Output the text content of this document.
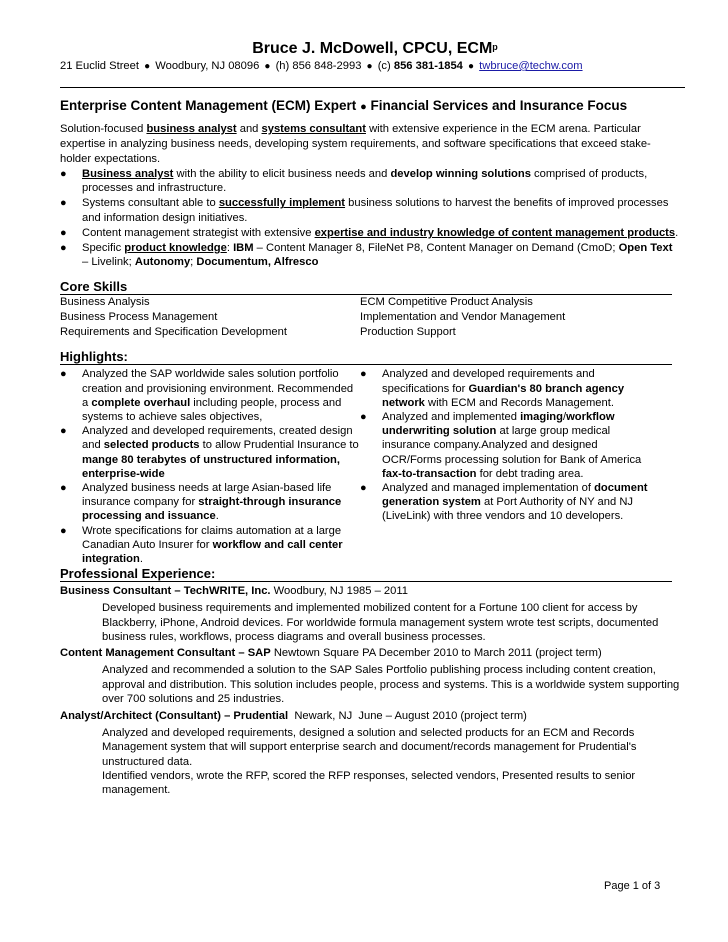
Bruce J. McDowell, CPCU, ECM$^p$
21 Euclid Street ● Woodbury, NJ 08096 ● (h) 856 848-2993 ● (c) 856 381-1854 ● twbruce@techw.com
Enterprise Content Management (ECM) Expert ● Financial Services and Insurance Focus
Solution-focused business analyst and systems consultant with extensive experience in the ECM arena. Particular expertise in analyzing business needs, developing system requirements, and software specifications that exceed stake-holder expectations.
● Business analyst with the ability to elicit business needs and develop winning solutions comprised of products, processes and infrastructure.
● Systems consultant able to successfully implement business solutions to harvest the benefits of improved processes and information design initiatives.
● Content management strategist with extensive expertise and industry knowledge of content management products.
● Specific product knowledge: IBM – Content Manager 8, FileNet P8, Content Manager on Demand (CmoD; Open Text – Livelink; Autonomy; Documentum, Alfresco
Core Skills
Business Analysis	ECM Competitive Product Analysis
Business Process Management	Implementation and Vendor Management
Requirements and Specification Development	Production Support
Highlights:
● Analyzed the SAP worldwide sales solution portfolio creation and provisioning environment. Recommended a complete overhaul including people, process and systems to achieve sales objectives,
● Analyzed and developed requirements, created design and selected products to allow Prudential Insurance to mange 80 terabytes of unstructured information, enterprise-wide
● Analyzed business needs at large Asian-based life insurance company for straight-through insurance processing and issuance.
● Wrote specifications for claims automation at a large Canadian Auto Insurer for workflow and call center integration.
● Analyzed and developed requirements and specifications for Guardian's 80 branch agency network with ECM and Records Management.
● Analyzed and implemented imaging/workflow underwriting solution at large group medical insurance company.Analyzed and designed OCR/Forms processing solution for Bank of America fax-to-transaction for debt trading area.
● Analyzed and managed implementation of document generation system at Port Authority of NY and NJ (LiveLink) with three vendors and 10 developers.
Professional Experience:
Business Consultant – TechWRITE, Inc. Woodbury, NJ 1985 – 2011
Developed business requirements and implemented mobilized content for a Fortune 100 client for access by Blackberry, iPhone, Android devices. For worldwide formula management system wrote test scripts, documented business rules, workflows, process diagrams and overall business processes.
Content Management Consultant – SAP Newtown Square PA December 2010 to March 2011 (project term)
Analyzed and recommended a solution to the SAP Sales Portfolio publishing process including content creation, approval and distribution. This solution includes people, process and systems. This is a worldwide system supporting over 700 solutions and 25 industries.
Analyst/Architect (Consultant) – Prudential  Newark, NJ  June – August 2010 (project term)
Analyzed and developed requirements, designed a solution and selected products for an ECM and Records Management system that will support enterprise search and document/records management for Prudential's unstructured data.
Identified vendors, wrote the RFP, scored the RFP responses, selected vendors, Presented results to senior management.
Page 1 of 3
